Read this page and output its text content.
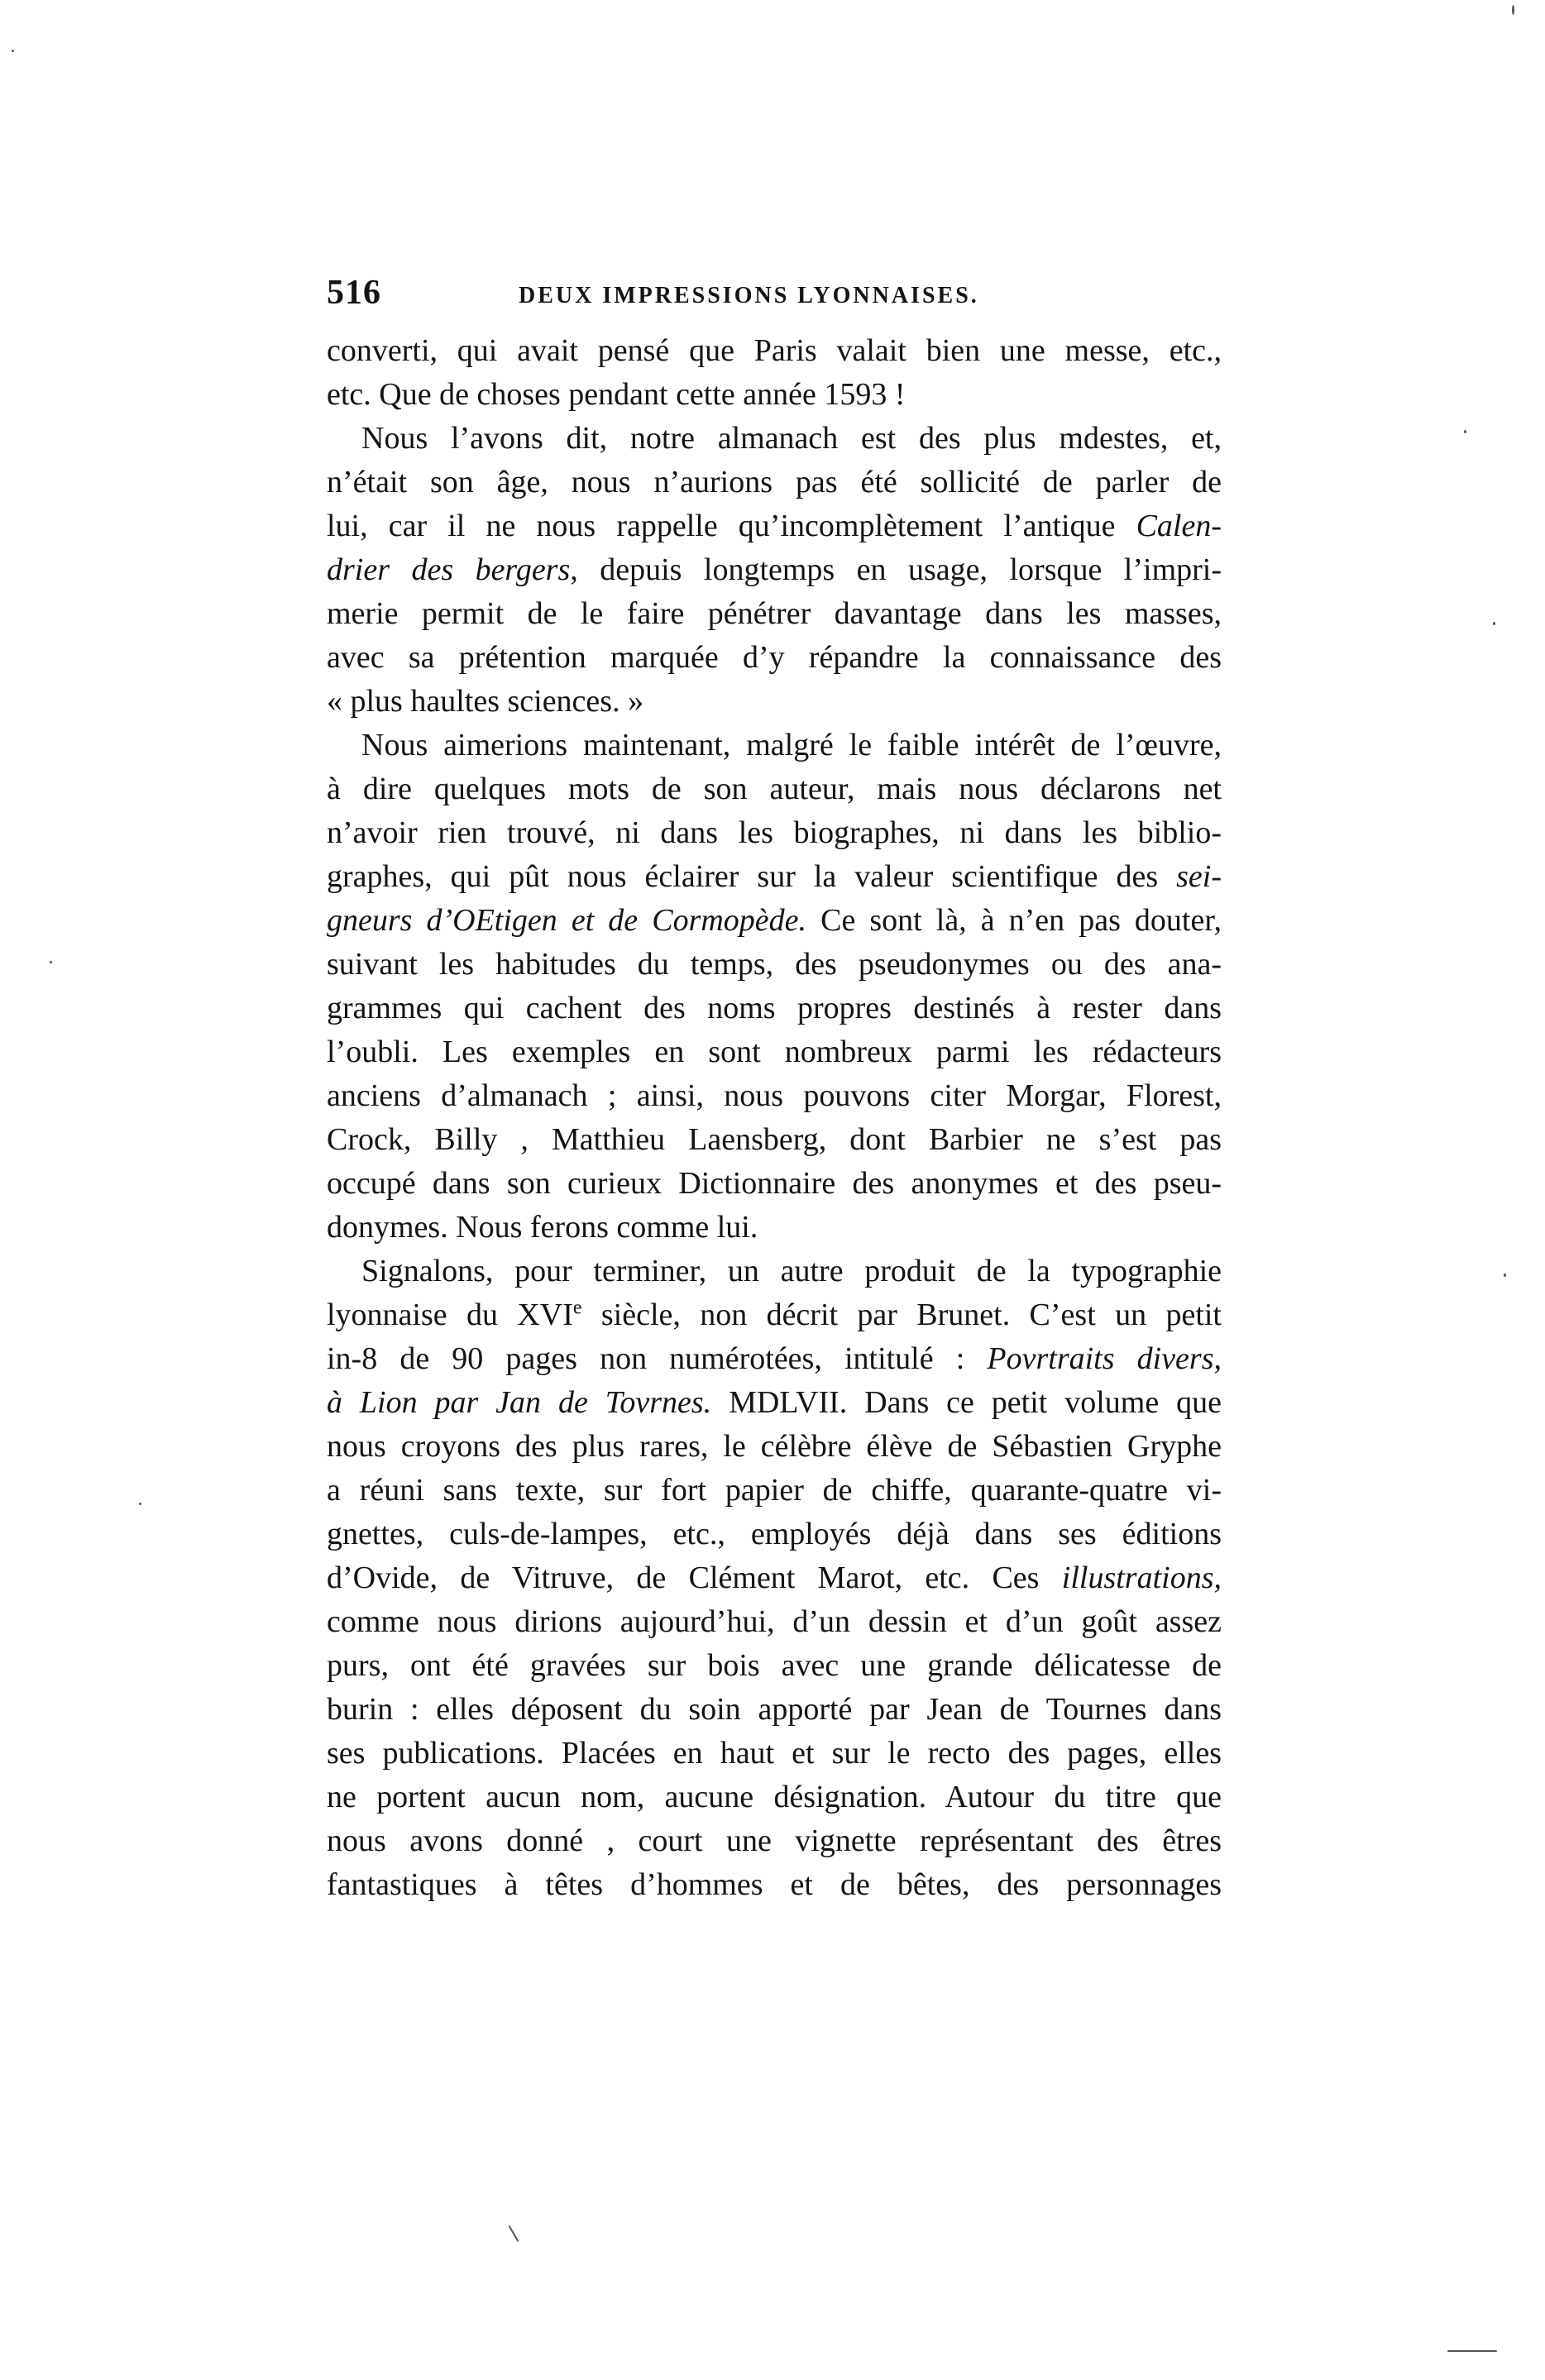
516	DEUX IMPRESSIONS LYONNAISES.
converti, qui avait pensé que Paris valait bien une messe, etc.,
etc. Que de choses pendant cette année 1593 !
Nous l’avons dit, notre almanach est des plus mdestes, et,
n’était son âge, nous n’aurions pas été sollicité de parler de
lui, car il ne nous rappelle qu’incomplètement l’antique Calen-
drier des bergers, depuis longtemps en usage, lorsque l’impri-
merie permit de le faire pénétrer davantage dans les masses,
avec sa prétention marquée d’y répandre la connaissance des
« plus haultes sciences. »
Nous aimerions maintenant, malgré le faible intérêt de l’œuvre,
à dire quelques mots de son auteur, mais nous déclarons net
n’avoir rien trouvé, ni dans les biographes, ni dans les biblio-
graphes, qui pût nous éclairer sur la valeur scientifique des sei-
gneurs d’OEtigen et de Cormopède. Ce sont là, à n’en pas douter,
suivant les habitudes du temps, des pseudonymes ou des ana-
grammes qui cachent des noms propres destinés à rester dans
l’oubli. Les exemples en sont nombreux parmi les rédacteurs
anciens d’almanach ; ainsi, nous pouvons citer Morgar, Florest,
Crock, Billy , Matthieu Laensberg, dont Barbier ne s’est pas
occupé dans son curieux Dictionnaire des anonymes et des pseu-
donymes. Nous ferons comme lui.
Signalons, pour terminer, un autre produit de la typographie
lyonnaise du XVIe siècle, non décrit par Brunet. C’est un petit
in-8 de 90 pages non numérotées, intitulé : Povrtraits divers,
à Lion par Jan de Tovrnes. MDLVII. Dans ce petit volume que
nous croyons des plus rares, le célèbre élève de Sébastien Gryphe
a réuni sans texte, sur fort papier de chiffe, quarante-quatre vi-
gnettes, culs-de-lampes, etc., employés déjà dans ses éditions
d’Ovide, de Vitruve, de Clément Marot, etc. Ces illustrations,
comme nous dirions aujourd’hui, d’un dessin et d’un goût assez
purs, ont été gravées sur bois avec une grande délicatesse de
burin : elles déposent du soin apporté par Jean de Tournes dans
ses publications. Placées en haut et sur le recto des pages, elles
ne portent aucun nom, aucune désignation. Autour du titre que
nous avons donné , court une vignette représentant des êtres
fantastiques à têtes d’hommes et de bêtes, des personnages
